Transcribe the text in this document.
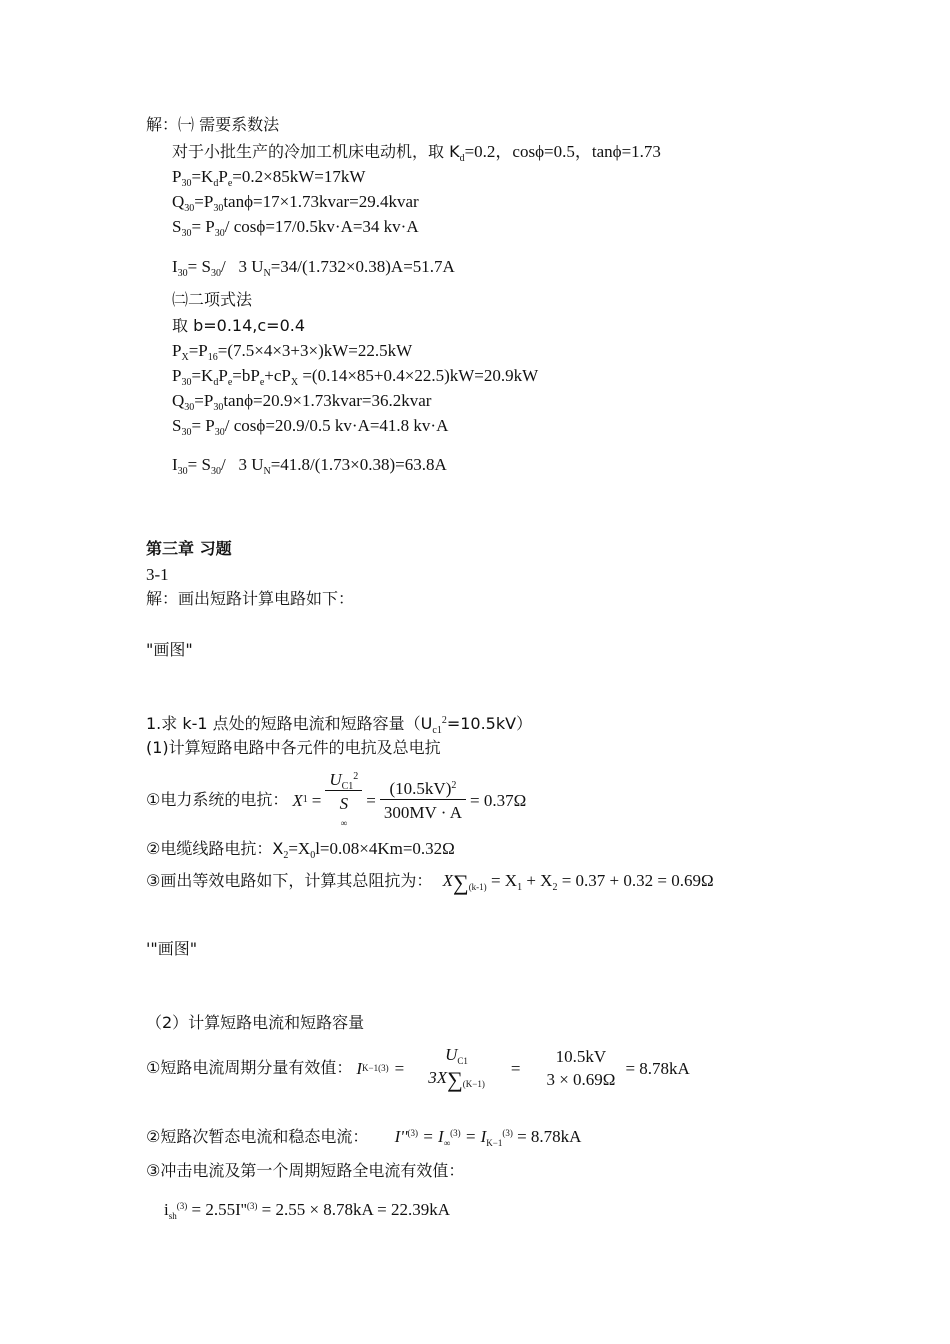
解：㈠ 需要系数法
对于小批生产的冷加工机床电动机，取 $K_d=0.2$，cosϕ=0.5，tanϕ=1.73
$P_{30}=K_dP_e=0.2\times 85kW=17kW$
$Q_{30}=P_{30}\tan\phi=17\times 1.73kvar=29.4kvar$
$S_{30}= P_{30}/$ cosϕ=17/0.5kv·A=34 kv·A
$I_{30}= S_{30}/$   3 $U_N=34/(1.732\times 0.38)A=51.7A$
㈡二项式法
取 b=0.14,c=0.4
$P_X=P_{16}=(7.5\times 4\times 3+3\times)kW=22.5kW$
$P_{30}=K_dP_e=bP_e+cP_X =(0.14\times 85+0.4\times 22.5)kW=20.9kW$
$Q_{30}=P_{30}\tan\phi=20.9\times 1.73kvar=36.2kvar$
$S_{30}= P_{30}/$ cosϕ=20.9/0.5 kv·A=41.8 kv·A
$I_{30}= S_{30}/$   3 $U_N=41.8/(1.73\times 0.38)=63.8A$
第三章 习题
3-1
解：画出短路计算电路如下：
"画图"
1.求 k-1 点处的短路电流和短路容量$(U_{c1}^2=10.5kV)$
(1)计算短路电路中各元件的电抗及总电抗
①电力系统的电抗： X 1 =
$U_{C1}^2$
S
∞
= $\frac{(10.5kV)^2}{300MV \cdot A} = 0.37\Omega$
②电缆线路电抗：$X_2=X_0l=0.08\times 4Km=0.32\Omega$
③画出等效电路如下，计算其总阻抗为： $X\sum_{(k-1)} = X_1 + X_2 = 0.37 + 0.32 = 0.69\Omega$
'"画图"
（2）计算短路电流和短路容量
①短路电流周期分量有效值： I K−1 (3) =
$U_{C1}$
$3X\sum_{(K-1)}$
=
10.5kV
3 × 0.69Ω
= 8.78kA
②短路次暂态电流和稳态电流： $I''^{(3)} = I_\infty^{(3)} = I_{K-1}^{(3)} = 8.78kA$
③冲击电流及第一个周期短路全电流有效值：
$i_{sh}^{(3)} = 2.55I''^{(3)} = 2.55 \times 8.78kA = 22.39kA$
